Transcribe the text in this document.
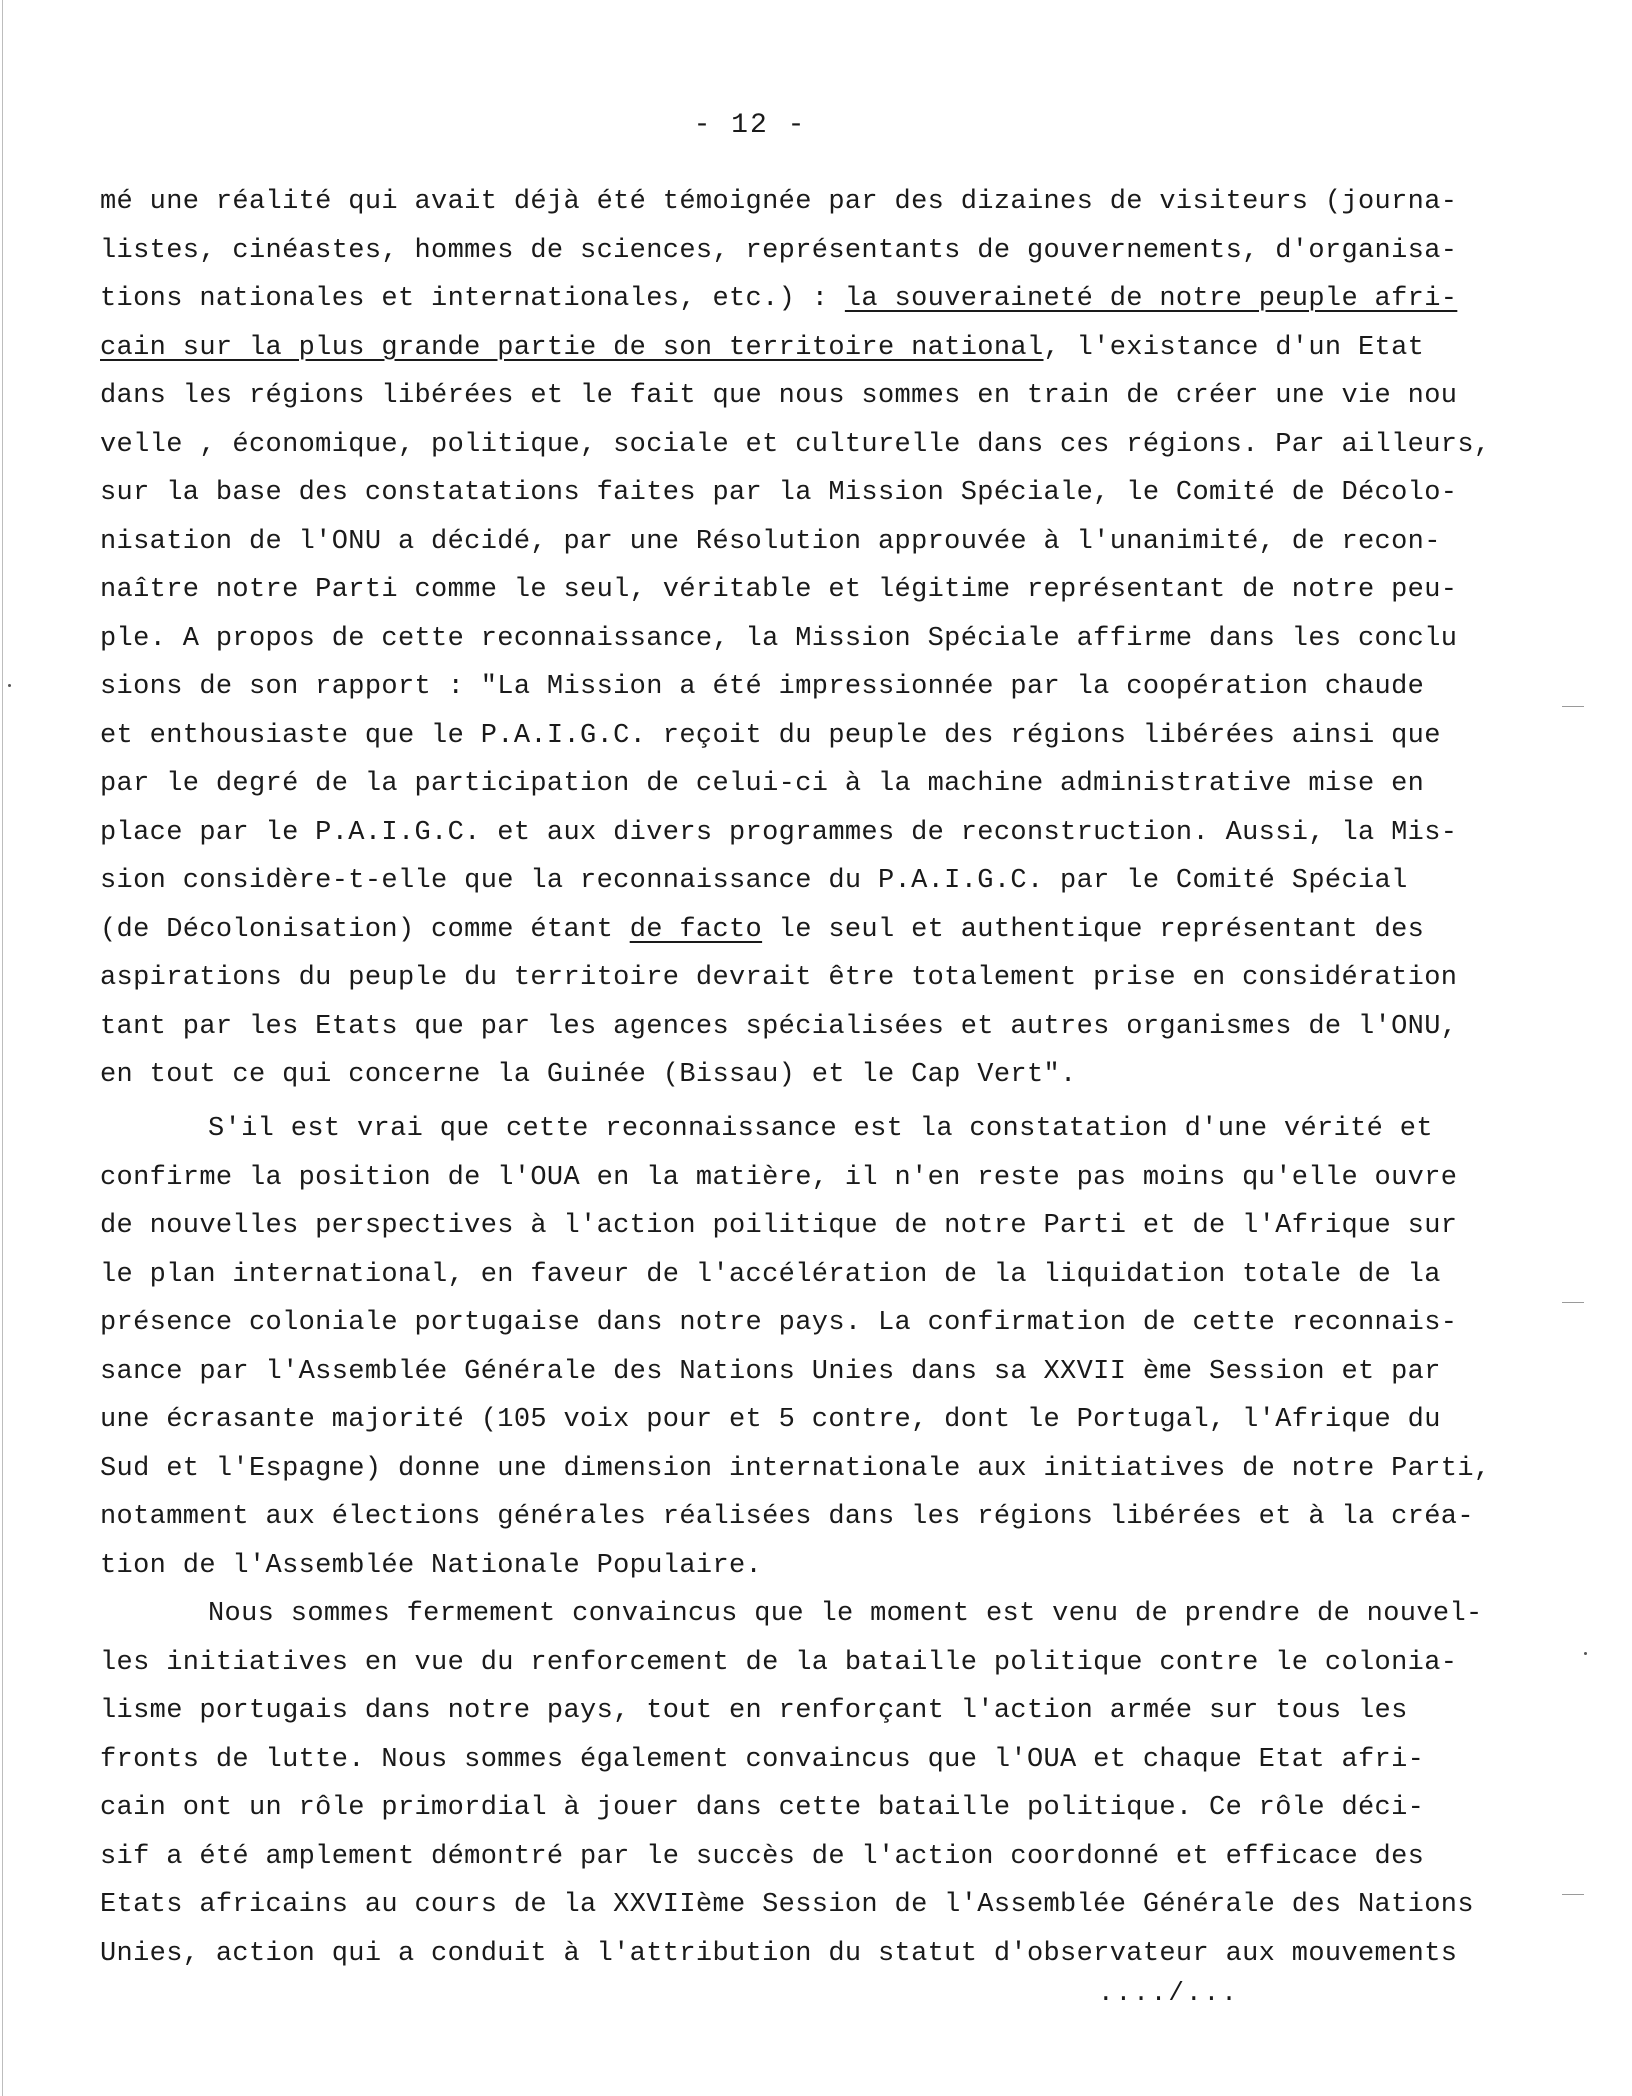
- 12 -
mé une réalité qui avait déjà été témoignée par des dizaines de visiteurs (journa-
listes, cinéastes, hommes de sciences, représentants de gouvernements, d'organisa-
tions nationales et internationales, etc.) : la souveraineté de notre peuple afri-
cain sur la plus grande partie de son territoire national, l'existance d'un Etat
dans les régions libérées et le fait que nous sommes en train de créer une vie nou
velle , économique, politique, sociale et culturelle dans ces régions. Par ailleurs,
sur la base des constatations faites par la Mission Spéciale, le Comité de Décolo-
nisation de l'ONU a décidé, par une Résolution approuvée à l'unanimité, de recon-
naître notre Parti comme le seul, véritable et légitime représentant de notre peu-
ple. A propos de cette reconnaissance, la Mission Spéciale affirme dans les conclu
sions de son rapport : "La Mission a été impressionnée par la coopération chaude
et enthousiaste que le P.A.I.G.C. reçoit du peuple des régions libérées ainsi que
par le degré de la participation de celui-ci à la machine administrative mise en
place par le P.A.I.G.C. et aux divers programmes de reconstruction. Aussi, la Mis-
sion considère-t-elle que la reconnaissance du P.A.I.G.C. par le Comité Spécial
(de Décolonisation) comme étant de facto le seul et authentique représentant des
aspirations du peuple du territoire devrait être totalement prise en considération
tant par les Etats que par les agences spécialisées et autres organismes de l'ONU,
en tout ce qui concerne la Guinée (Bissau) et le Cap Vert".
S'il est vrai que cette reconnaissance est la constatation d'une vérité et
confirme la position de l'OUA en la matière, il n'en reste pas moins qu'elle ouvre
de nouvelles perspectives à l'action poilitique de notre Parti et de l'Afrique sur
le plan international, en faveur de l'accélération de la liquidation totale de la
présence coloniale portugaise dans notre pays. La confirmation de cette reconnais-
sance par l'Assemblée Générale des Nations Unies dans sa XXVII ème Session et par
une écrasante majorité (105 voix pour et 5 contre, dont le Portugal, l'Afrique du
Sud et l'Espagne) donne une dimension internationale aux initiatives de notre Parti,
notamment aux élections générales réalisées dans les régions libérées et à la créa-
tion de l'Assemblée Nationale Populaire.
Nous sommes fermement convaincus que le moment est venu de prendre de nouvel-
les initiatives en vue du renforcement de la bataille politique contre le colonia-
lisme portugais dans notre pays, tout en renforçant l'action armée sur tous les
fronts de lutte. Nous sommes également convaincus que l'OUA et chaque Etat afri-
cain ont un rôle primordial à jouer dans cette bataille politique. Ce rôle déci-
sif a été amplement démontré par le succès de l'action coordonné et efficace des
Etats africains au cours de la XXVIIème Session de l'Assemblée Générale des Nations
Unies, action qui a conduit à l'attribution du statut d'observateur aux mouvements
..../...
